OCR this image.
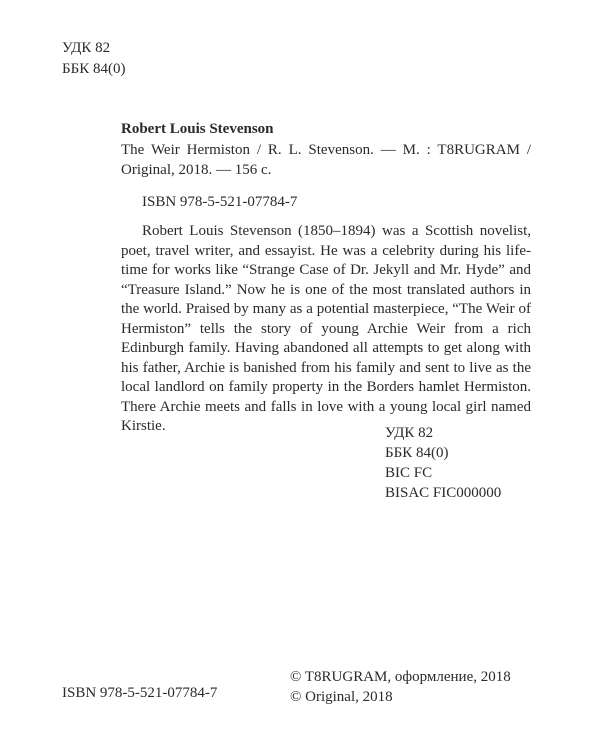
УДК 82
ББК 84(0)
Robert Louis Stevenson
The Weir Hermiston / R. L. Stevenson. — M. : T8RUGRAM /
Original, 2018. — 156 с.
ISBN 978-5-521-07784-7

Robert Louis Stevenson (1850–1894) was a Scottish novelist, poet, travel writer, and essayist. He was a celebrity during his life-time for works like “Strange Case of Dr. Jekyll and Mr. Hyde” and “Treasure Island.” Now he is one of the most translated authors in the world. Praised by many as a potential masterpiece, “The Weir of Hermiston” tells the story of young Archie Weir from a rich Edinburgh family. Having abandoned all attempts to get along with his father, Archie is banished from his family and sent to live as the local landlord on family property in the Borders hamlet Hermiston. There Archie meets and falls in love with a young local girl named Kirstie.	УДК 82
ББК 84(0)
BIC FC
BISAC FIC000000
ISBN 978-5-521-07784-7
© T8RUGRAM, оформление, 2018
© Original, 2018
